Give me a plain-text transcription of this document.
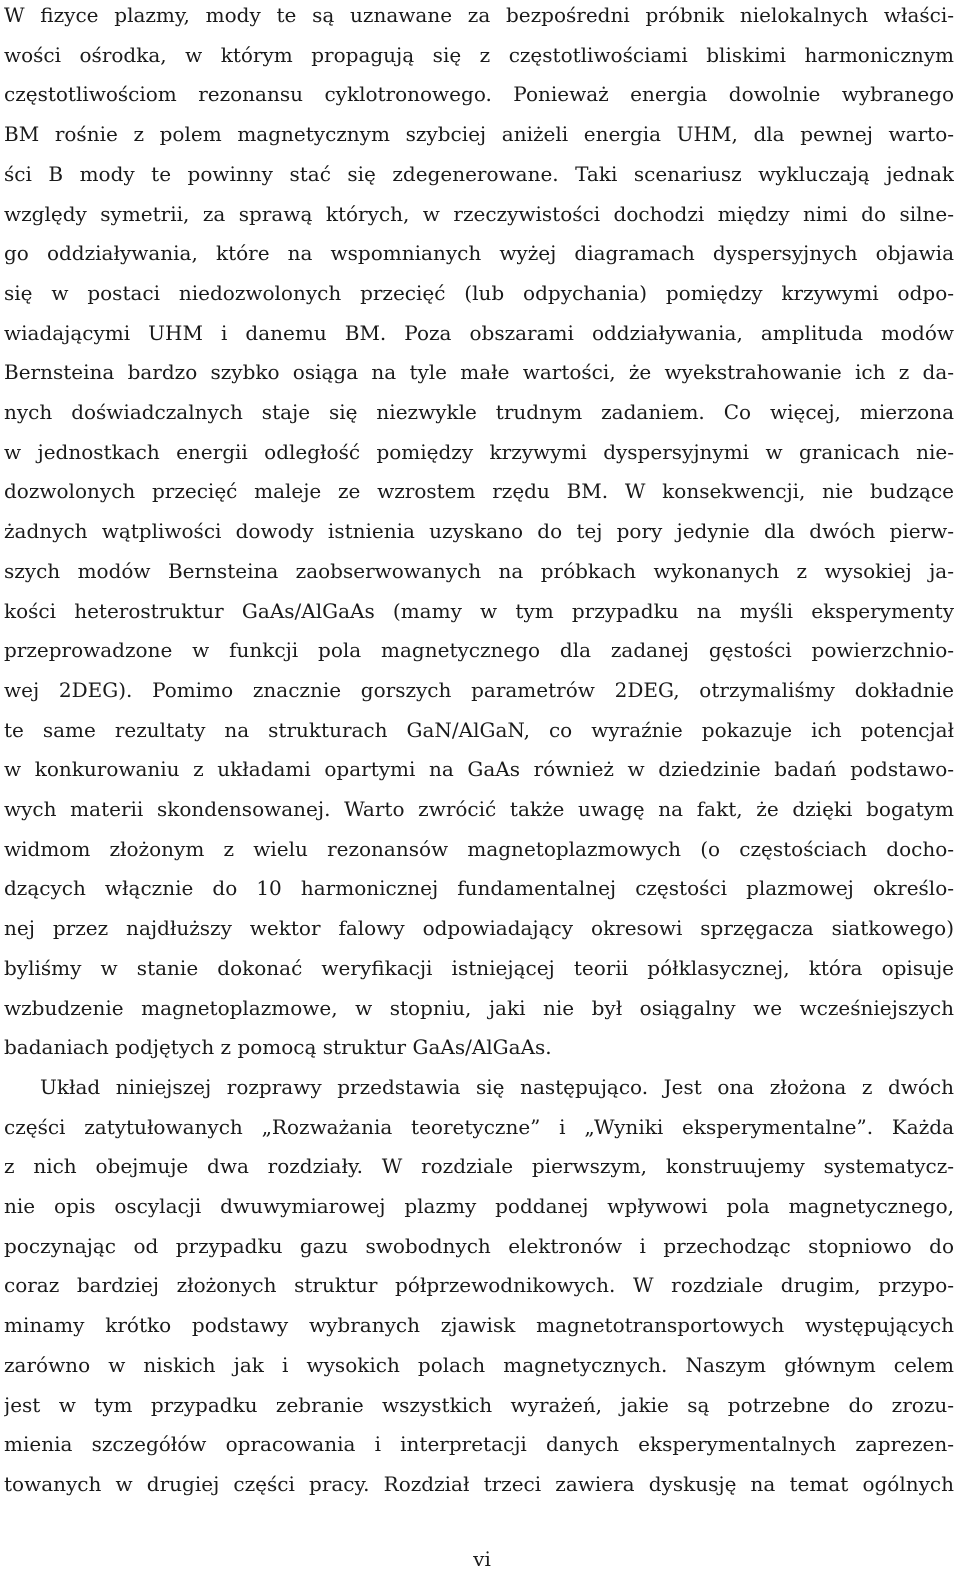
W fizyce plazmy, mody te są uznawane za bezpośredni próbnik nielokalnych właści-
wości ośrodka, w którym propagują się z częstotliwościami bliskimi harmonicznym
częstotliwościom rezonansu cyklotronowego. Ponieważ energia dowolnie wybranego
BM rośnie z polem magnetycznym szybciej aniżeli energia UHM, dla pewnej warto-
ści B mody te powinny stać się zdegenerowane. Taki scenariusz wykluczają jednak
względy symetrii, za sprawą których, w rzeczywistości dochodzi między nimi do silne-
go oddziaływania, które na wspomnianych wyżej diagramach dyspersyjnych objawia
się w postaci niedozwolonych przecięć (lub odpychania) pomiędzy krzywymi odpo-
wiadającymi UHM i danemu BM. Poza obszarami oddziaływania, amplituda modów
Bernsteina bardzo szybko osiąga na tyle małe wartości, że wyekstrahowanie ich z da-
nych doświadczalnych staje się niezwykle trudnym zadaniem. Co więcej, mierzona
w jednostkach energii odległość pomiędzy krzywymi dyspersyjnymi w granicach nie-
dozwolonych przecięć maleje ze wzrostem rzędu BM. W konsekwencji, nie budzące
żadnych wątpliwości dowody istnienia uzyskano do tej pory jedynie dla dwóch pierw-
szych modów Bernsteina zaobserwowanych na próbkach wykonanych z wysokiej ja-
kości heterostruktur GaAs/AlGaAs (mamy w tym przypadku na myśli eksperymenty
przeprowadzone w funkcji pola magnetycznego dla zadanej gęstości powierzchnio-
wej 2DEG). Pomimo znacznie gorszych parametrów 2DEG, otrzymaliśmy dokładnie
te same rezultaty na strukturach GaN/AlGaN, co wyraźnie pokazuje ich potencjał
w konkurowaniu z układami opartymi na GaAs również w dziedzinie badań podstawo-
wych materii skondensowanej. Warto zwrócić także uwagę na fakt, że dzięki bogatym
widmom złożonym z wielu rezonansów magnetoplazmowych (o częstościach docho-
dzących włącznie do 10 harmonicznej fundamentalnej częstości plazmowej określo-
nej przez najdłuższy wektor falowy odpowiadający okresowi sprzęgacza siatkowego)
byliśmy w stanie dokonać weryfikacji istniejącej teorii półklasycznej, która opisuje
wzbudzenie magnetoplazmowe, w stopniu, jaki nie był osiągalny we wcześniejszych
badaniach podjętych z pomocą struktur GaAs/AlGaAs.
Układ niniejszej rozprawy przedstawia się następująco. Jest ona złożona z dwóch
części zatytułowanych „Rozważania teoretyczne” i „Wyniki eksperymentalne”. Każda
z nich obejmuje dwa rozdziały. W rozdziale pierwszym, konstruujemy systematycz-
nie opis oscylacji dwuwymiarowej plazmy poddanej wpływowi pola magnetycznego,
poczynając od przypadku gazu swobodnych elektronów i przechodząc stopniowo do
coraz bardziej złożonych struktur półprzewodnikowych. W rozdziale drugim, przypo-
minamy krótko podstawy wybranych zjawisk magnetotransportowych występujących
zarówno w niskich jak i wysokich polach magnetycznych. Naszym głównym celem
jest w tym przypadku zebranie wszystkich wyrażeń, jakie są potrzebne do zrozu-
mienia szczegółów opracowania i interpretacji danych eksperymentalnych zaprezen-
towanych w drugiej części pracy. Rozdział trzeci zawiera dyskusję na temat ogólnych
vi
